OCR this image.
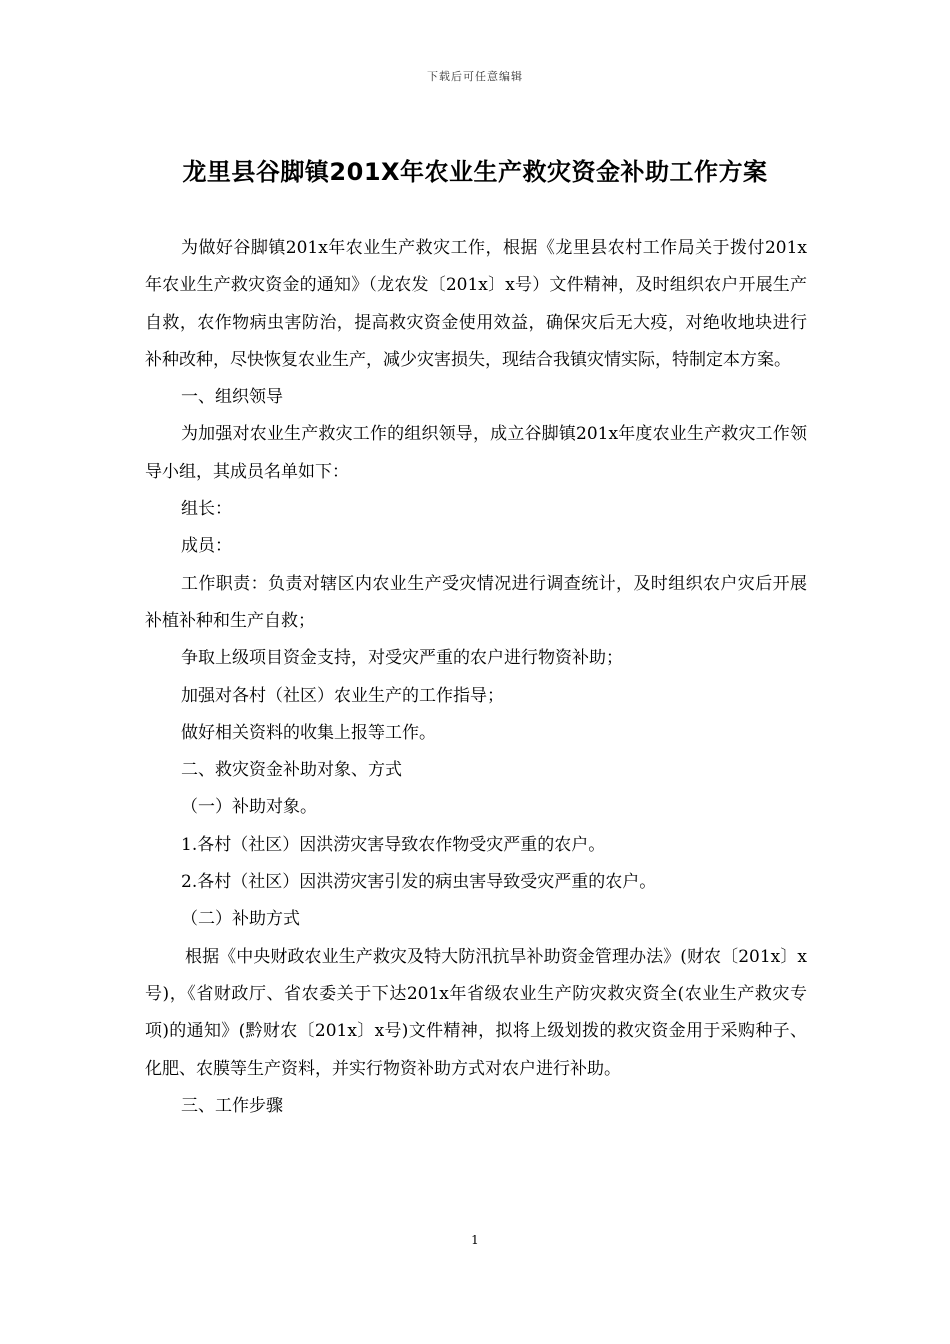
下载后可任意编辑
龙里县谷脚镇201X年农业生产救灾资金补助工作方案

为做好谷脚镇201x年农业生产救灾工作，根据《龙里县农村工作局关于拨付201x年农业生产救灾资金的通知》（龙农发〔201x〕x号）文件精神，及时组织农户开展生产自救，农作物病虫害防治，提高救灾资金使用效益，确保灾后无大疫，对绝收地块进行补种改种，尽快恢复农业生产，减少灾害损失，现结合我镇灾情实际，特制定本方案。

一、组织领导

为加强对农业生产救灾工作的组织领导，成立谷脚镇201x年度农业生产救灾工作领导小组，其成员名单如下：

组长：

成员：

工作职责：负责对辖区内农业生产受灾情况进行调查统计，及时组织农户灾后开展补植补种和生产自救；

争取上级项目资金支持，对受灾严重的农户进行物资补助；

加强对各村（社区）农业生产的工作指导；

做好相关资料的收集上报等工作。

二、救灾资金补助对象、方式

（一）补助对象。

1.各村（社区）因洪涝灾害导致农作物受灾严重的农户。

2.各村（社区）因洪涝灾害引发的病虫害导致受灾严重的农户。

（二）补助方式

根据《中央财政农业生产救灾及特大防汛抗旱补助资金管理办法》(财农〔201x〕x号)，《省财政厅、省农委关于下达201x年省级农业生产防灾救灾资全(农业生产救灾专项)的通知》(黔财农〔201x〕x号)文件精神，拟将上级划拨的救灾资金用于采购种子、化肥、农膜等生产资料，并实行物资补助方式对农户进行补助。

三、工作步骤

1
